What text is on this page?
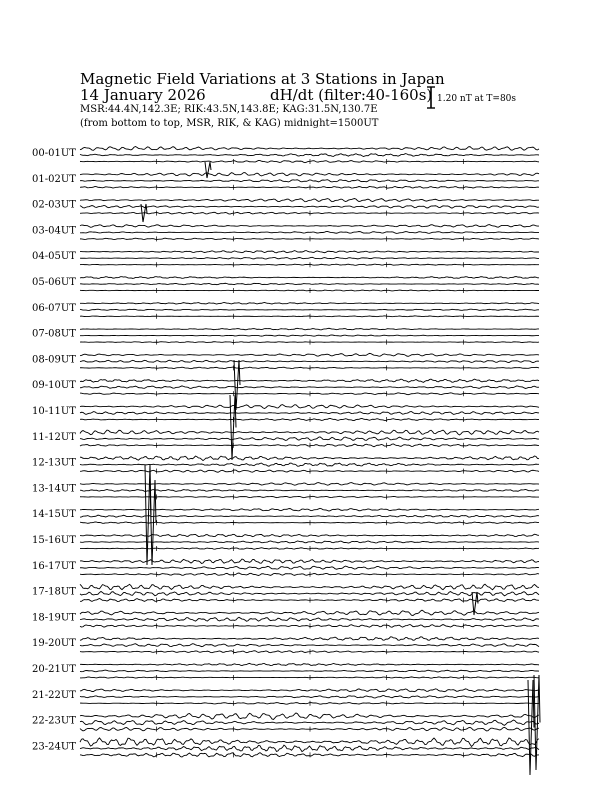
Magnetic Field Variations at 3 Stations in Japan
14 January 2026	dH/dt (filter:40-160s)
MSR:44.4N,142.3E; RIK:43.5N,143.8E; KAG:31.5N,130.7E
(from bottom to top, MSR, RIK, & KAG) midnight=1500UT
1.20 nT at T=80s
00-01UT
01-02UT
02-03UT
03-04UT
04-05UT
05-06UT
06-07UT
07-08UT
08-09UT
09-10UT
10-11UT
11-12UT
12-13UT
13-14UT
14-15UT
15-16UT
16-17UT
17-18UT
18-19UT
19-20UT
20-21UT
21-22UT
22-23UT
23-24UT
